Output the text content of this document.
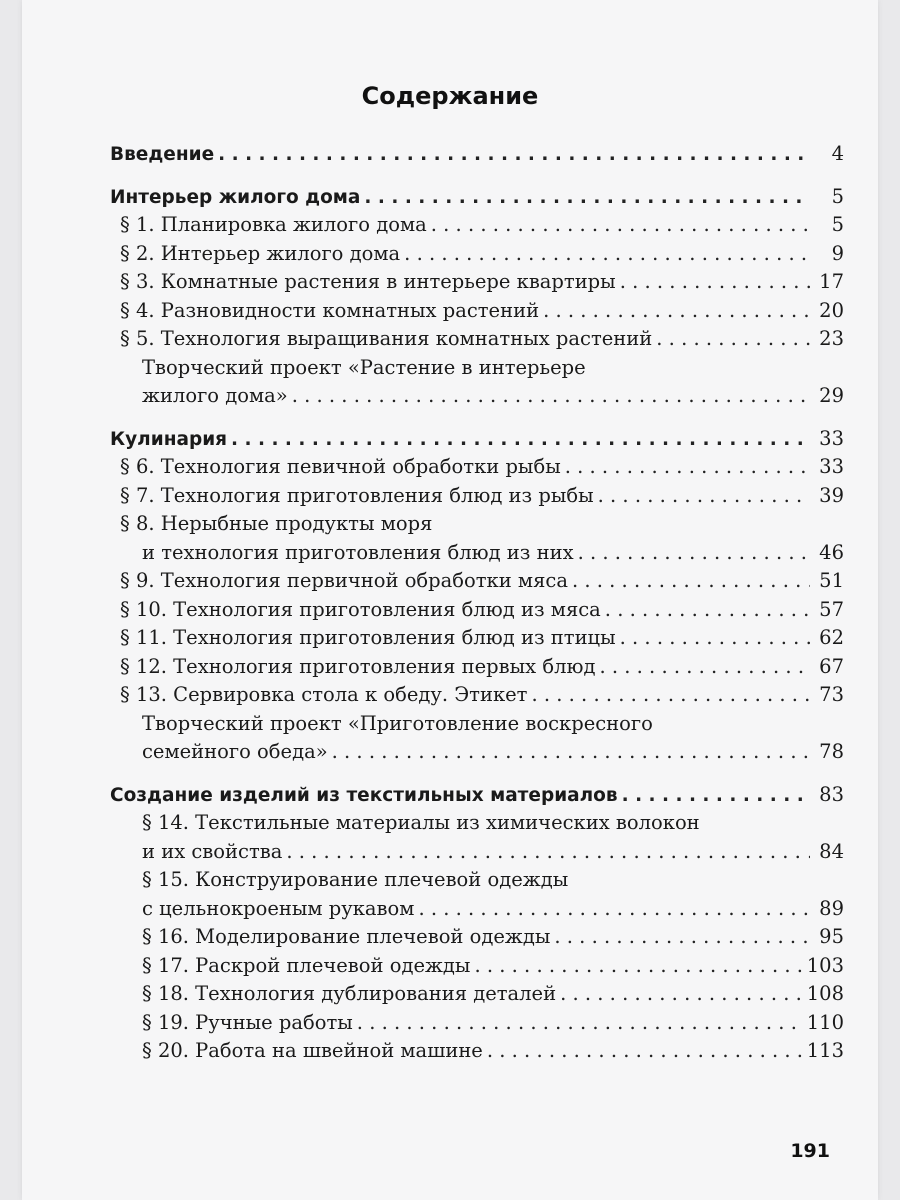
Содержание
Введение . . .	4
Интерьер жилого дома . . .	5
§ 1. Планировка жилого дома . . .	5
§ 2. Интерьер жилого дома . . .	9
§ 3. Комнатные растения в интерьере квартиры . . .	17
§ 4. Разновидности комнатных растений . . .	20
§ 5. Технология выращивания комнатных растений . . .	23
Творческий проект «Растение в интерьере
жилого дома» . . .	29
Кулинария . . .	33
§ 6. Технология певичной обработки рыбы . . .	33
§ 7. Технология приготовления блюд из рыбы . . .	39
§ 8. Нерыбные продукты моря
и технология приготовления блюд из них . . .	46
§ 9. Технология первичной обработки мяса . . .	51
§ 10. Технология приготовления блюд из мяса . . .	57
§ 11. Технология приготовления блюд из птицы . . .	62
§ 12. Технология приготовления первых блюд . . .	67
§ 13. Сервировка стола к обеду. Этикет . . .	73
Творческий проект «Приготовление воскресного
семейного обеда» . . .	78
Создание изделий из текстильных материалов . . .	83
§ 14. Текстильные материалы из химических волокон
и их свойства . . .	84
§ 15. Конструирование плечевой одежды
с цельнокроеным рукавом . . .	89
§ 16. Моделирование плечевой одежды . . .	95
§ 17. Раскрой плечевой одежды . . .	103
§ 18. Технология дублирования деталей . . .	108
§ 19. Ручные работы . . .	110
§ 20. Работа на швейной машине . . .	113
191
